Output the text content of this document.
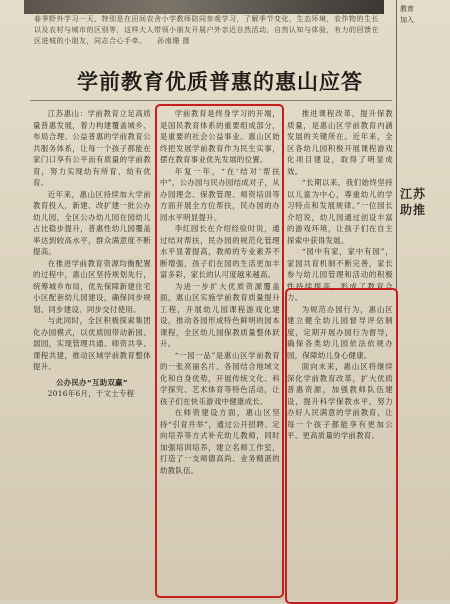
春季野外学习一天，特别是在田间农舍小学教师陪同参观学习，了解季节变化，生态环境，农作物的生长以及农村与城市的区别等，这样大人带领小朋友开展户外亲近自然活动，自然认知与体验，有力的回馈在区进城的小朋友，同志合心手牵。 孙南珊 摄
教育
加入
江苏
助推
学前教育优质普惠的惠山应答

江苏惠山：学前教育立足高质量普惠发展，着力构建覆盖城乡、布局合理、公益普惠的学前教育公共服务体系，让每一个孩子都能在家门口享有公平而有质量的学前教育，努力实现幼有所育、幼有优育。

近年来，惠山区持续加大学前教育投入，新建、改扩建一批公办幼儿园，全区公办幼儿园在园幼儿占比稳步提升，普惠性幼儿园覆盖率达到较高水平，群众满意度不断提高。

在推进学前教育资源均衡配置的过程中，惠山区坚持规划先行，统筹城乡布局，优先保障新建住宅小区配套幼儿园建设，确保同步规划、同步建设、同步交付使用。

与此同时，全区积极探索集团化办园模式，以优质园带动新园、弱园，实现管理共通、师资共享、课程共建，推动区域学前教育整体提升。

公办民办“互助双赢”

2016年6月，于文士专程

学前教育是终身学习的开端，是国民教育体系的重要组成部分，是重要的社会公益事业。惠山区始终把发展学前教育作为民生实事，摆在教育事业优先发展的位置。

年复一年，“在‘结对’帮扶中”，公办园与民办园结成对子，从办园理念、保教管理、师资培训等方面开展全方位帮扶，民办园的办园水平明显提升。

李红园长在介绍经验时说，通过结对帮扶，民办园的规范化管理水平显著提高，教师的专业素养不断增强，孩子们在园的生活更加丰富多彩，家长的认可度越来越高。

为进一步扩大优质资源覆盖面，惠山区实施学前教育质量提升工程，开展幼儿园课程游戏化建设，推动各园形成特色鲜明的园本课程，全区幼儿园保教质量整体跃升。

“一园一品”是惠山区学前教育的一张亮丽名片。各园结合地域文化和自身优势，开展传统文化、科学探究、艺术体育等特色活动，让孩子们在快乐游戏中健康成长。

在师资建设方面，惠山区坚持“引育并举”，通过公开招聘、定向培养等方式补充幼儿教师，同时加强培训培养，建立名师工作室，打造了一支师德高尚、业务精湛的幼教队伍。

推进课程改革，提升保教质量，是惠山区学前教育内涵发展的关键所在。近年来，全区各幼儿园积极开展课程游戏化项目建设，取得了明显成效。

“长期以来，我们始终坚持以儿童为中心，尊重幼儿的学习特点和发展规律。”一位园长介绍说，幼儿园通过创设丰富的游戏环境，让孩子们在自主探索中获得发展。

“园中有家，家中有园”，家园共育机制不断完善，家长参与幼儿园管理和活动的积极性持续提高，形成了教育合力。

为规范办园行为，惠山区建立健全幼儿园督导评估制度，定期开展办园行为督导，确保各类幼儿园依法依规办园，保障幼儿身心健康。

面向未来，惠山区将继续深化学前教育改革，扩大优质普惠资源，加强教师队伍建设，提升科学保教水平，努力办好人民满意的学前教育，让每一个孩子都能享有更加公平、更高质量的学前教育。
